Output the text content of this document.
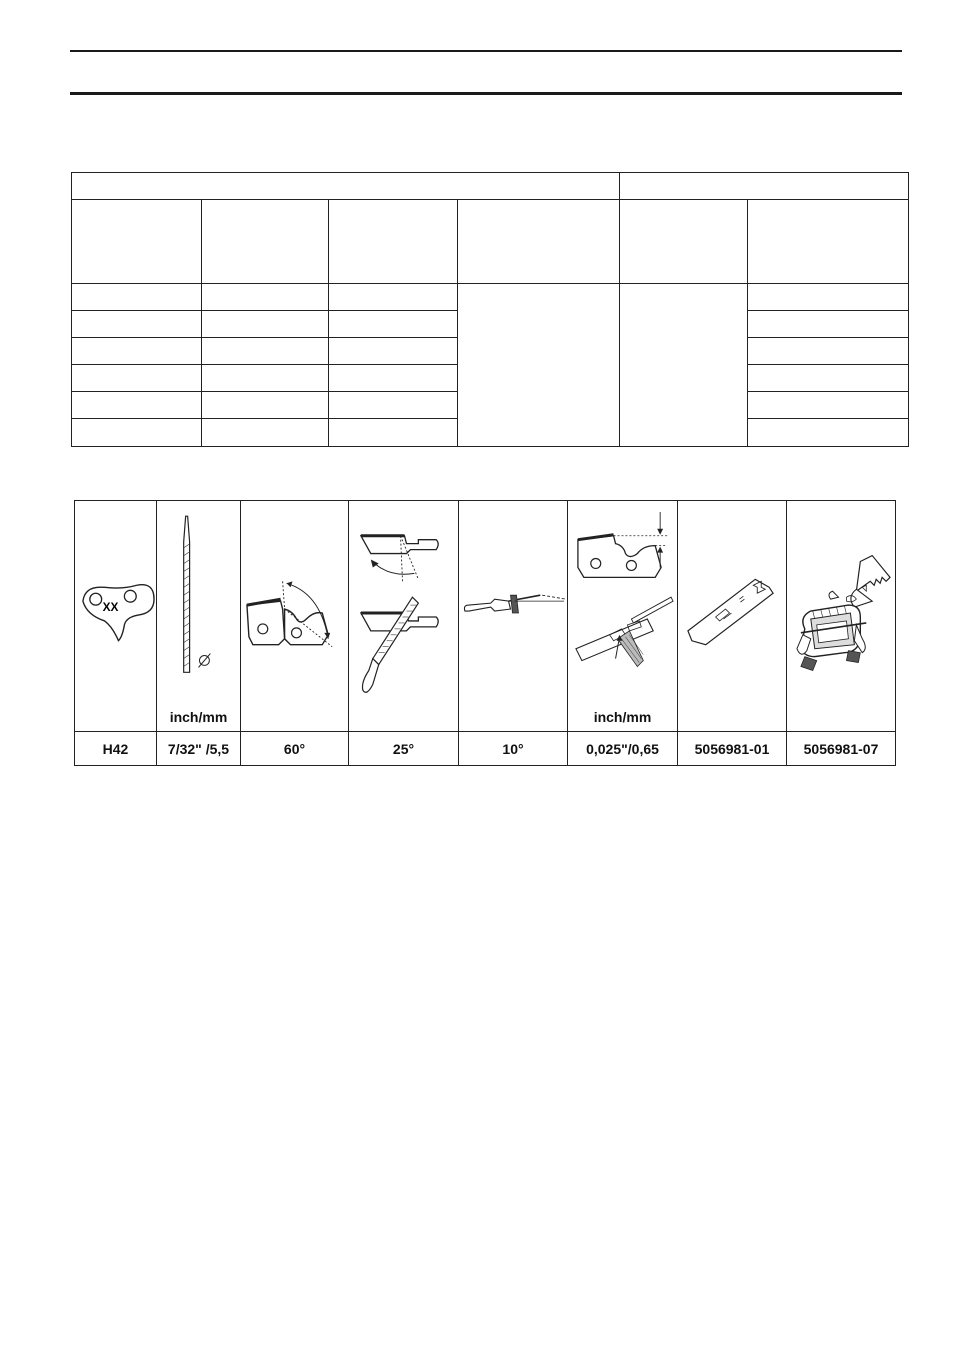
XX	inch/mm				inch/mm

H42	7/32" /5,5	60°	25°	10°	0,025"/0,65	5056981-01	5056981-07
